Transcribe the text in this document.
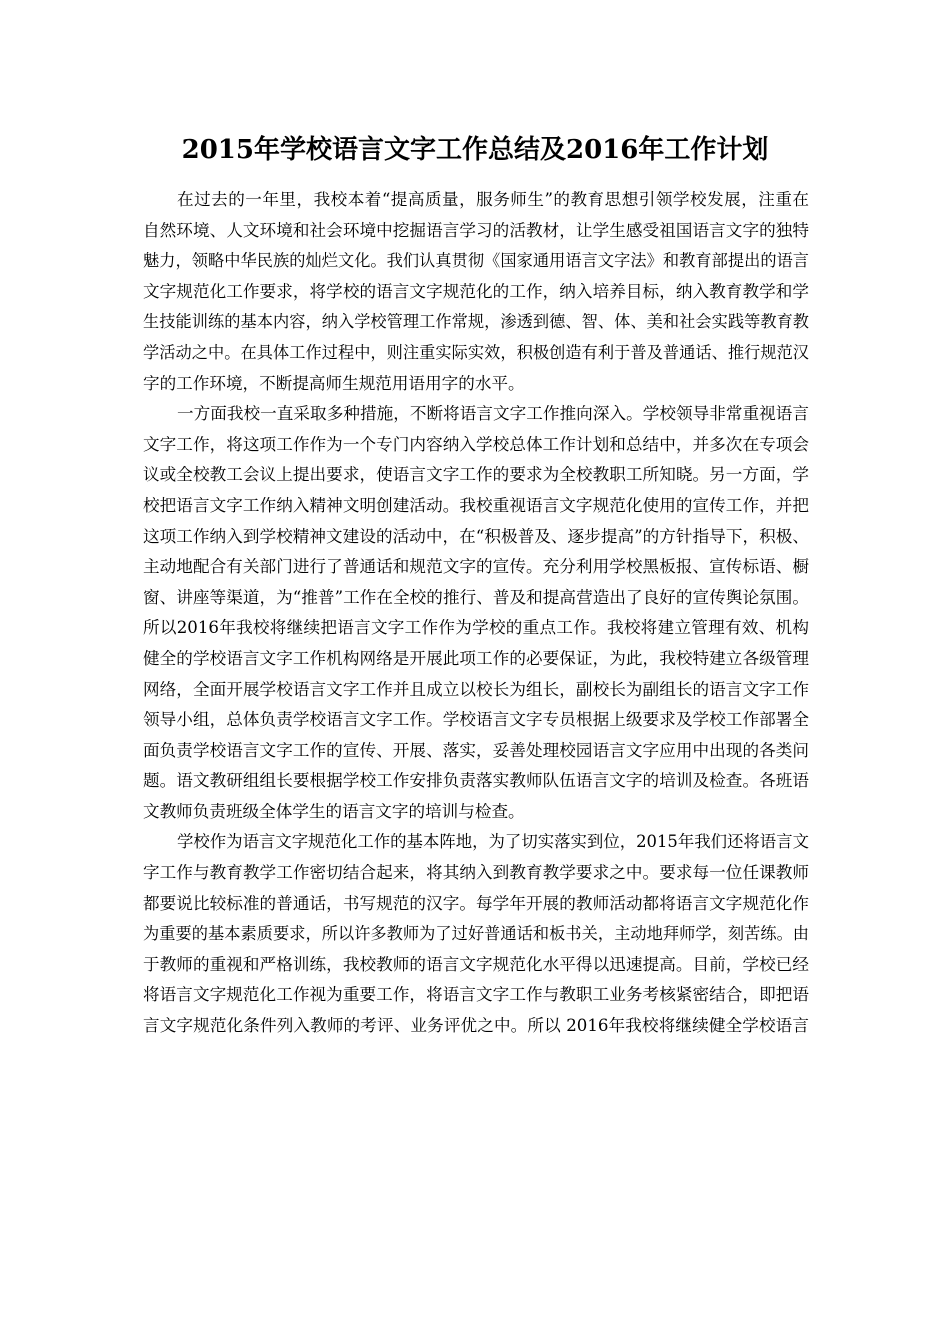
2015年学校语言文字工作总结及2016年工作计划
在过去的一年里，我校本着“提高质量，服务师生”的教育思想引领学校发展，注重在
自然环境、人文环境和社会环境中挖掘语言学习的活教材，让学生感受祖国语言文字的独特
魅力，领略中华民族的灿烂文化。我们认真贯彻《国家通用语言文字法》和教育部提出的语言
文字规范化工作要求，将学校的语言文字规范化的工作，纳入培养目标，纳入教育教学和学
生技能训练的基本内容，纳入学校管理工作常规，渗透到德、智、体、美和社会实践等教育教
学活动之中。在具体工作过程中，则注重实际实效，积极创造有利于普及普通话、推行规范汉
字的工作环境，不断提高师生规范用语用字的水平。
一方面我校一直采取多种措施，不断将语言文字工作推向深入。学校领导非常重视语言
文字工作，将这项工作作为一个专门内容纳入学校总体工作计划和总结中，并多次在专项会
议或全校教工会议上提出要求，使语言文字工作的要求为全校教职工所知晓。另一方面，学
校把语言文字工作纳入精神文明创建活动。我校重视语言文字规范化使用的宣传工作，并把
这项工作纳入到学校精神文建设的活动中，在“积极普及、逐步提高”的方针指导下，积极、
主动地配合有关部门进行了普通话和规范文字的宣传。充分利用学校黑板报、宣传标语、橱
窗、讲座等渠道，为“推普”工作在全校的推行、普及和提高营造出了良好的宣传舆论氛围。
所以2016年我校将继续把语言文字工作作为学校的重点工作。我校将建立管理有效、机构
健全的学校语言文字工作机构网络是开展此项工作的必要保证，为此，我校特建立各级管理
网络，全面开展学校语言文字工作并且成立以校长为组长，副校长为副组长的语言文字工作
领导小组，总体负责学校语言文字工作。学校语言文字专员根据上级要求及学校工作部署全
面负责学校语言文字工作的宣传、开展、落实，妥善处理校园语言文字应用中出现的各类问
题。语文教研组组长要根据学校工作安排负责落实教师队伍语言文字的培训及检查。各班语
文教师负责班级全体学生的语言文字的培训与检查。
学校作为语言文字规范化工作的基本阵地，为了切实落实到位，2015年我们还将语言文
字工作与教育教学工作密切结合起来，将其纳入到教育教学要求之中。要求每一位任课教师
都要说比较标准的普通话，书写规范的汉字。每学年开展的教师活动都将语言文字规范化作
为重要的基本素质要求，所以许多教师为了过好普通话和板书关，主动地拜师学，刻苦练。由
于教师的重视和严格训练，我校教师的语言文字规范化水平得以迅速提高。目前，学校已经
将语言文字规范化工作视为重要工作，将语言文字工作与教职工业务考核紧密结合，即把语
言文字规范化条件列入教师的考评、业务评优之中。所以 2016年我校将继续健全学校语言
